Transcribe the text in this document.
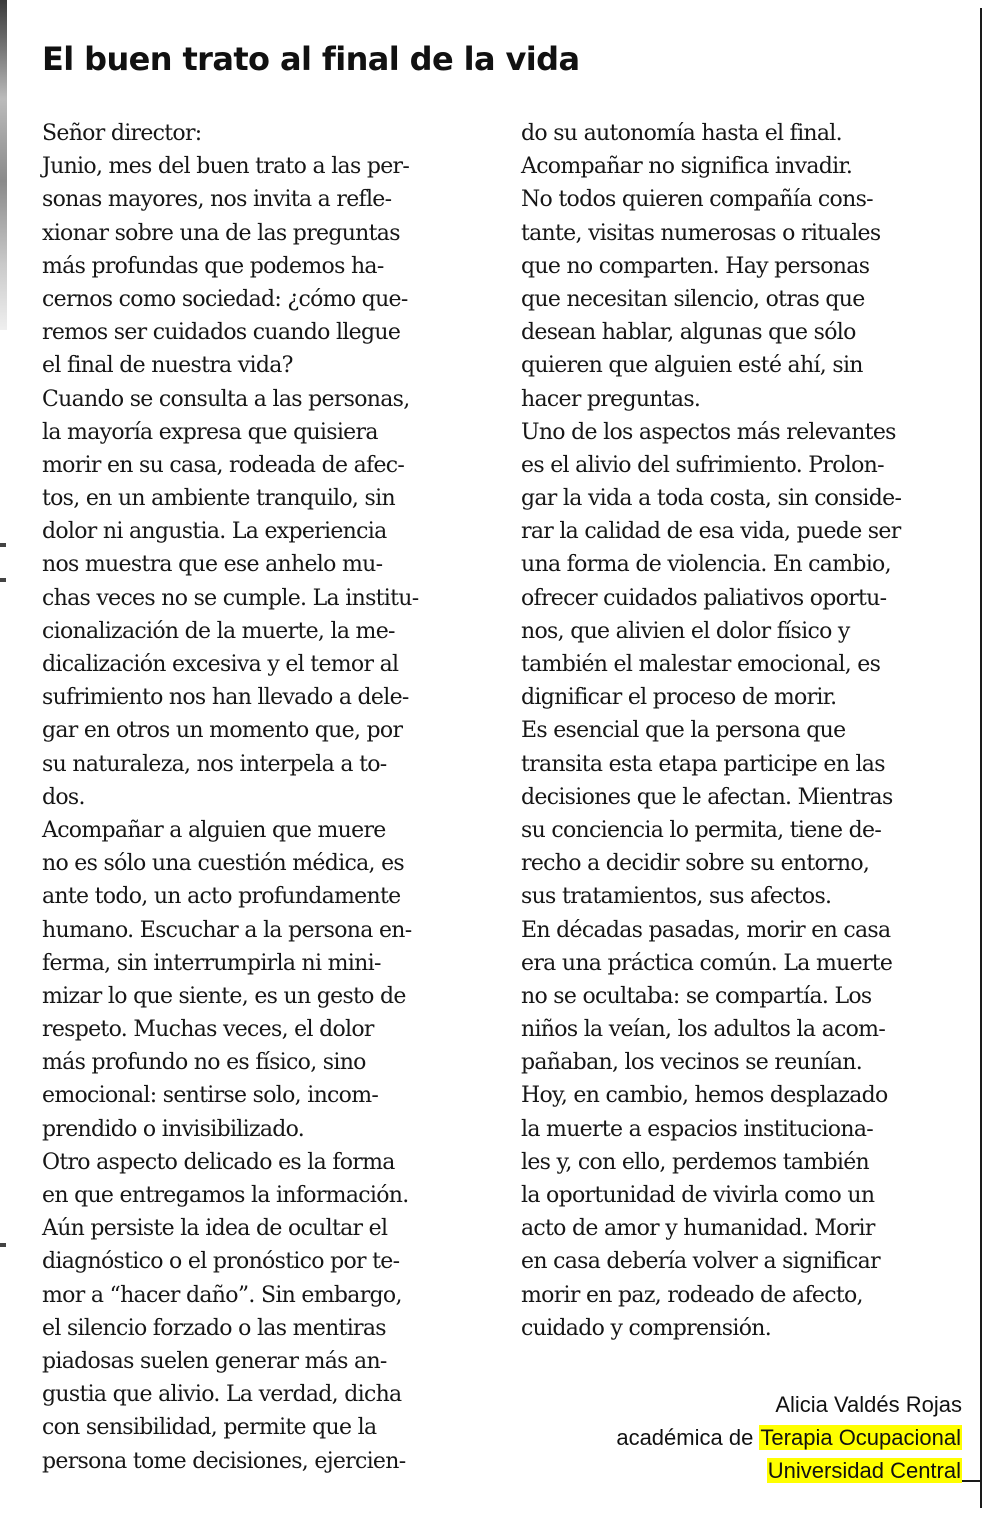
El buen trato al final de la vida
Señor director:
Junio, mes del buen trato a las per-
sonas mayores, nos invita a refle-
xionar sobre una de las preguntas
más profundas que podemos ha-
cernos como sociedad: ¿cómo que-
remos ser cuidados cuando llegue
el final de nuestra vida?
Cuando se consulta a las personas,
la mayoría expresa que quisiera
morir en su casa, rodeada de afec-
tos, en un ambiente tranquilo, sin
dolor ni angustia. La experiencia
nos muestra que ese anhelo mu-
chas veces no se cumple. La institu-
cionalización de la muerte, la me-
dicalización excesiva y el temor al
sufrimiento nos han llevado a dele-
gar en otros un momento que, por
su naturaleza, nos interpela a to-
dos.
Acompañar a alguien que muere
no es sólo una cuestión médica, es
ante todo, un acto profundamente
humano. Escuchar a la persona en-
ferma, sin interrumpirla ni mini-
mizar lo que siente, es un gesto de
respeto. Muchas veces, el dolor
más profundo no es físico, sino
emocional: sentirse solo, incom-
prendido o invisibilizado.
Otro aspecto delicado es la forma
en que entregamos la información.
Aún persiste la idea de ocultar el
diagnóstico o el pronóstico por te-
mor a “hacer daño”. Sin embargo,
el silencio forzado o las mentiras
piadosas suelen generar más an-
gustia que alivio. La verdad, dicha
con sensibilidad, permite que la
persona tome decisiones, ejercien-
do su autonomía hasta el final.
Acompañar no significa invadir.
No todos quieren compañía cons-
tante, visitas numerosas o rituales
que no comparten. Hay personas
que necesitan silencio, otras que
desean hablar, algunas que sólo
quieren que alguien esté ahí, sin
hacer preguntas.
Uno de los aspectos más relevantes
es el alivio del sufrimiento. Prolon-
gar la vida a toda costa, sin conside-
rar la calidad de esa vida, puede ser
una forma de violencia. En cambio,
ofrecer cuidados paliativos oportu-
nos, que alivien el dolor físico y
también el malestar emocional, es
dignificar el proceso de morir.
Es esencial que la persona que
transita esta etapa participe en las
decisiones que le afectan. Mientras
su conciencia lo permita, tiene de-
recho a decidir sobre su entorno,
sus tratamientos, sus afectos.
En décadas pasadas, morir en casa
era una práctica común. La muerte
no se ocultaba: se compartía. Los
niños la veían, los adultos la acom-
pañaban, los vecinos se reunían.
Hoy, en cambio, hemos desplazado
la muerte a espacios instituciona-
les y, con ello, perdemos también
la oportunidad de vivirla como un
acto de amor y humanidad. Morir
en casa debería volver a significar
morir en paz, rodeado de afecto,
cuidado y comprensión.
Alicia Valdés Rojas
académica de Terapia Ocupacional
Universidad Central
